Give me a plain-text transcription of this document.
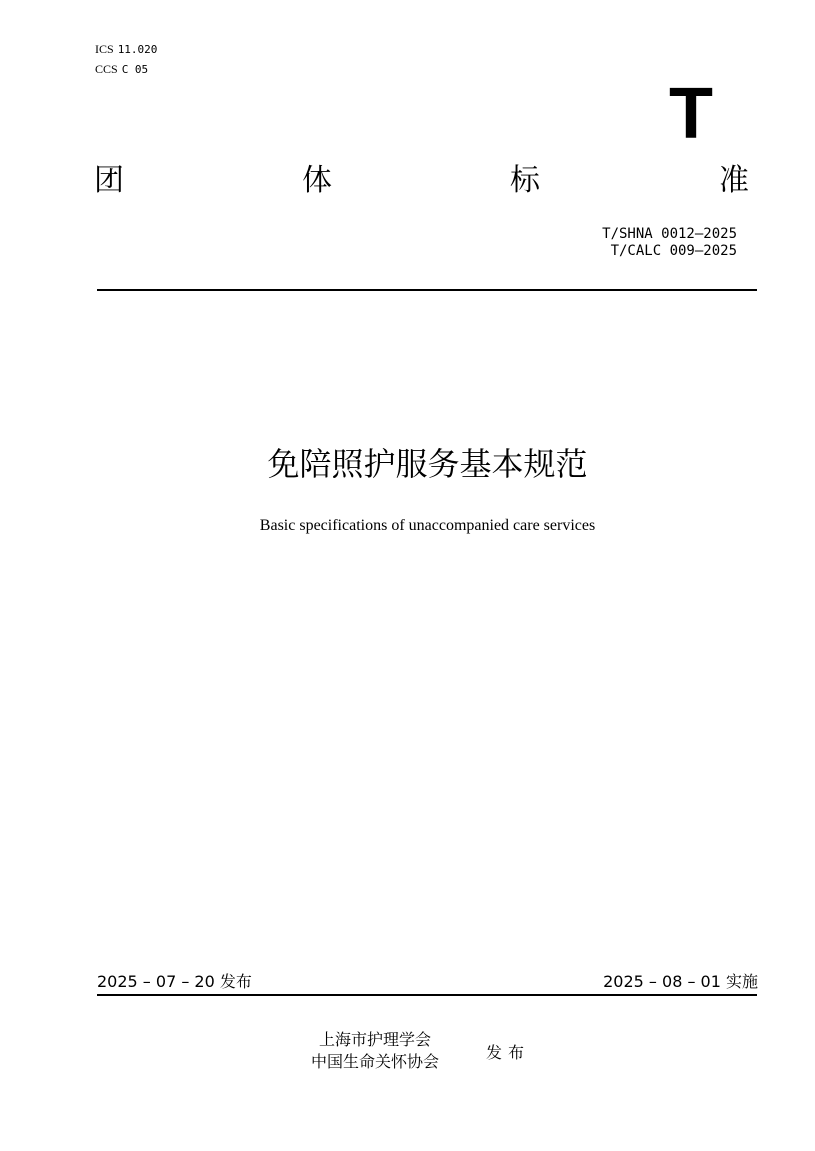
ICS 11.020
CCS C 05
T
团	体	标	准
T/SHNA 0012—2025
T/CALC 009—2025
免陪照护服务基本规范
Basic specifications of unaccompanied care services
2025 – 07 – 20 发布	2025 – 08 – 01 实施
上海市护理学会
中国生命关怀协会	发布
